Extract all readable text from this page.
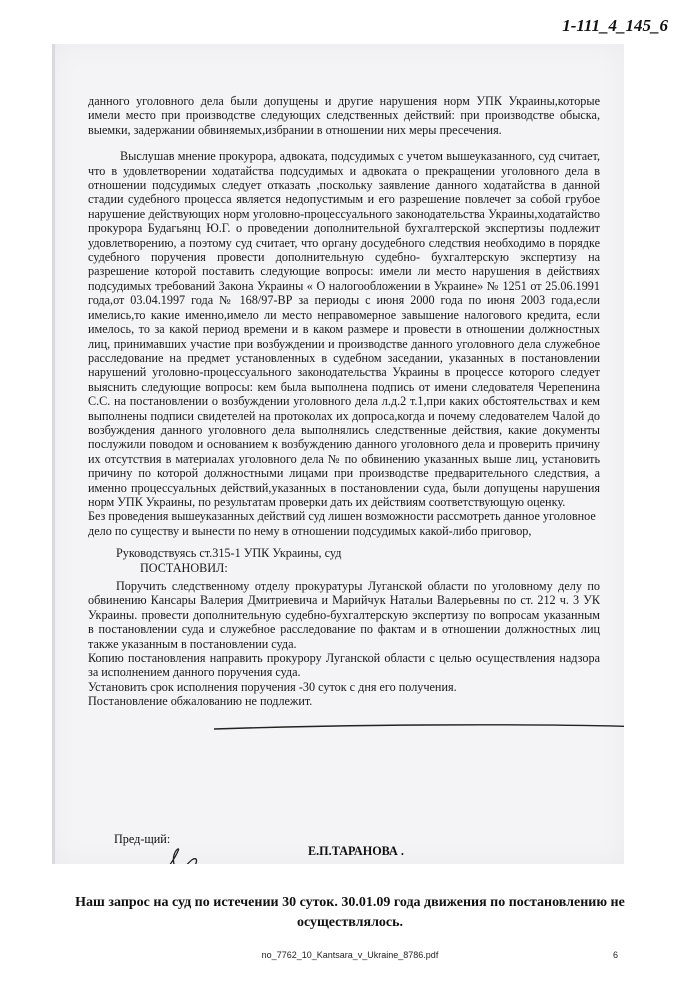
1-111_4_145_6

данного уголовного дела были допущены и другие нарушения норм УПК Украины,которые имели место при производстве следующих следственных действий: при производстве обыска, выемки, задержании обвиняемых,избрании в отношении них меры пресечения.

Выслушав мнение прокурора, адвоката, подсудимых с учетом вышеуказанного, суд считает, что в удовлетворении ходатайства подсудимых и адвоката о прекращении уголовного дела в отношении подсудимых следует отказать ,поскольку заявление данного ходатайства в данной стадии судебного процесса является недопустимым и его разрешение повлечет за собой грубое нарушение действующих норм уголовно-процессуального законодательства Украины,ходатайство прокурора Будагьянц Ю.Г. о проведении дополнительной бухгалтерской экспертизы подлежит удовлетворению, а поэтому суд считает, что органу досудебного следствия необходимо в порядке судебного поручения провести дополнительную судебно- бухгалтерскую экспертизу на разрешение которой поставить следующие вопросы: имели ли место нарушения в действиях подсудимых требований Закона Украины « О налогообложении в Украине» № 1251 от 25.06.1991 года,от 03.04.1997 года № 168/97-ВР за периоды с июня 2000 года по июня 2003 года,если имелись,то какие именно,имело ли место неправомерное завышение налогового кредита, если имелось, то за какой период времени и в каком размере и провести в отношении должностных лиц, принимавших участие при возбуждении и производстве данного уголовного дела служебное расследование на предмет установленных в судебном заседании, указанных в постановлении нарушений уголовно-процессуального законодательства Украины в процессе которого следует выяснить следующие вопросы: кем была выполнена подпись от имени следователя Черепенина С.С. на постановлении о возбуждении уголовного дела л.д.2 т.1,при каких обстоятельствах и кем выполнены подписи свидетелей на протоколах их допроса,когда и почему следователем Чалой до возбуждения данного уголовного дела выполнялись следственные действия, какие документы послужили поводом и основанием к возбуждению данного уголовного дела и проверить причину их отсутствия в материалах уголовного дела № по обвинению указанных выше лиц, установить причину по которой должностными лицами при производстве предварительного следствия, а именно процессуальных действий,указанных в постановлении суда, были допущены нарушения норм УПК Украины, по результатам проверки дать их действиям соответствующую оценку.

Без проведения вышеуказанных действий суд лишен возможности рассмотреть данное уголовное дело по существу и вынести по нему в отношении подсудимых какой-либо приговор,

Руководствуясь ст.315-1 УПК Украины, суд

ПОСТАНОВИЛ:

Поручить следственному отделу прокуратуры Луганской области по уголовному делу по обвинению Кансары Валерия Дмитриевича и Марийчук Натальи Валерьевны по ст. 212 ч. 3 УК Украины. провести дополнительную судебно-бухгалтерскую экспертизу по вопросам указанным в постановлении суда и служебное расследование по фактам и в отношении должностных лиц также указанным в постановлении суда.

Копию постановления направить прокурору Луганской области с целью осуществления надзора за исполнением данного поручения суда.

Установить срок исполнения поручения -30 суток с дня его получения.

Постановление обжалованию не подлежит.

Пред-щий:
Е.П.ТАРАНОВА .
Наш запрос на суд по истечении 30 суток. 30.01.09 года движения по постановлению не осуществлялось.
no_7762_10_Kantsara_v_Ukraine_8786.pdf	6
